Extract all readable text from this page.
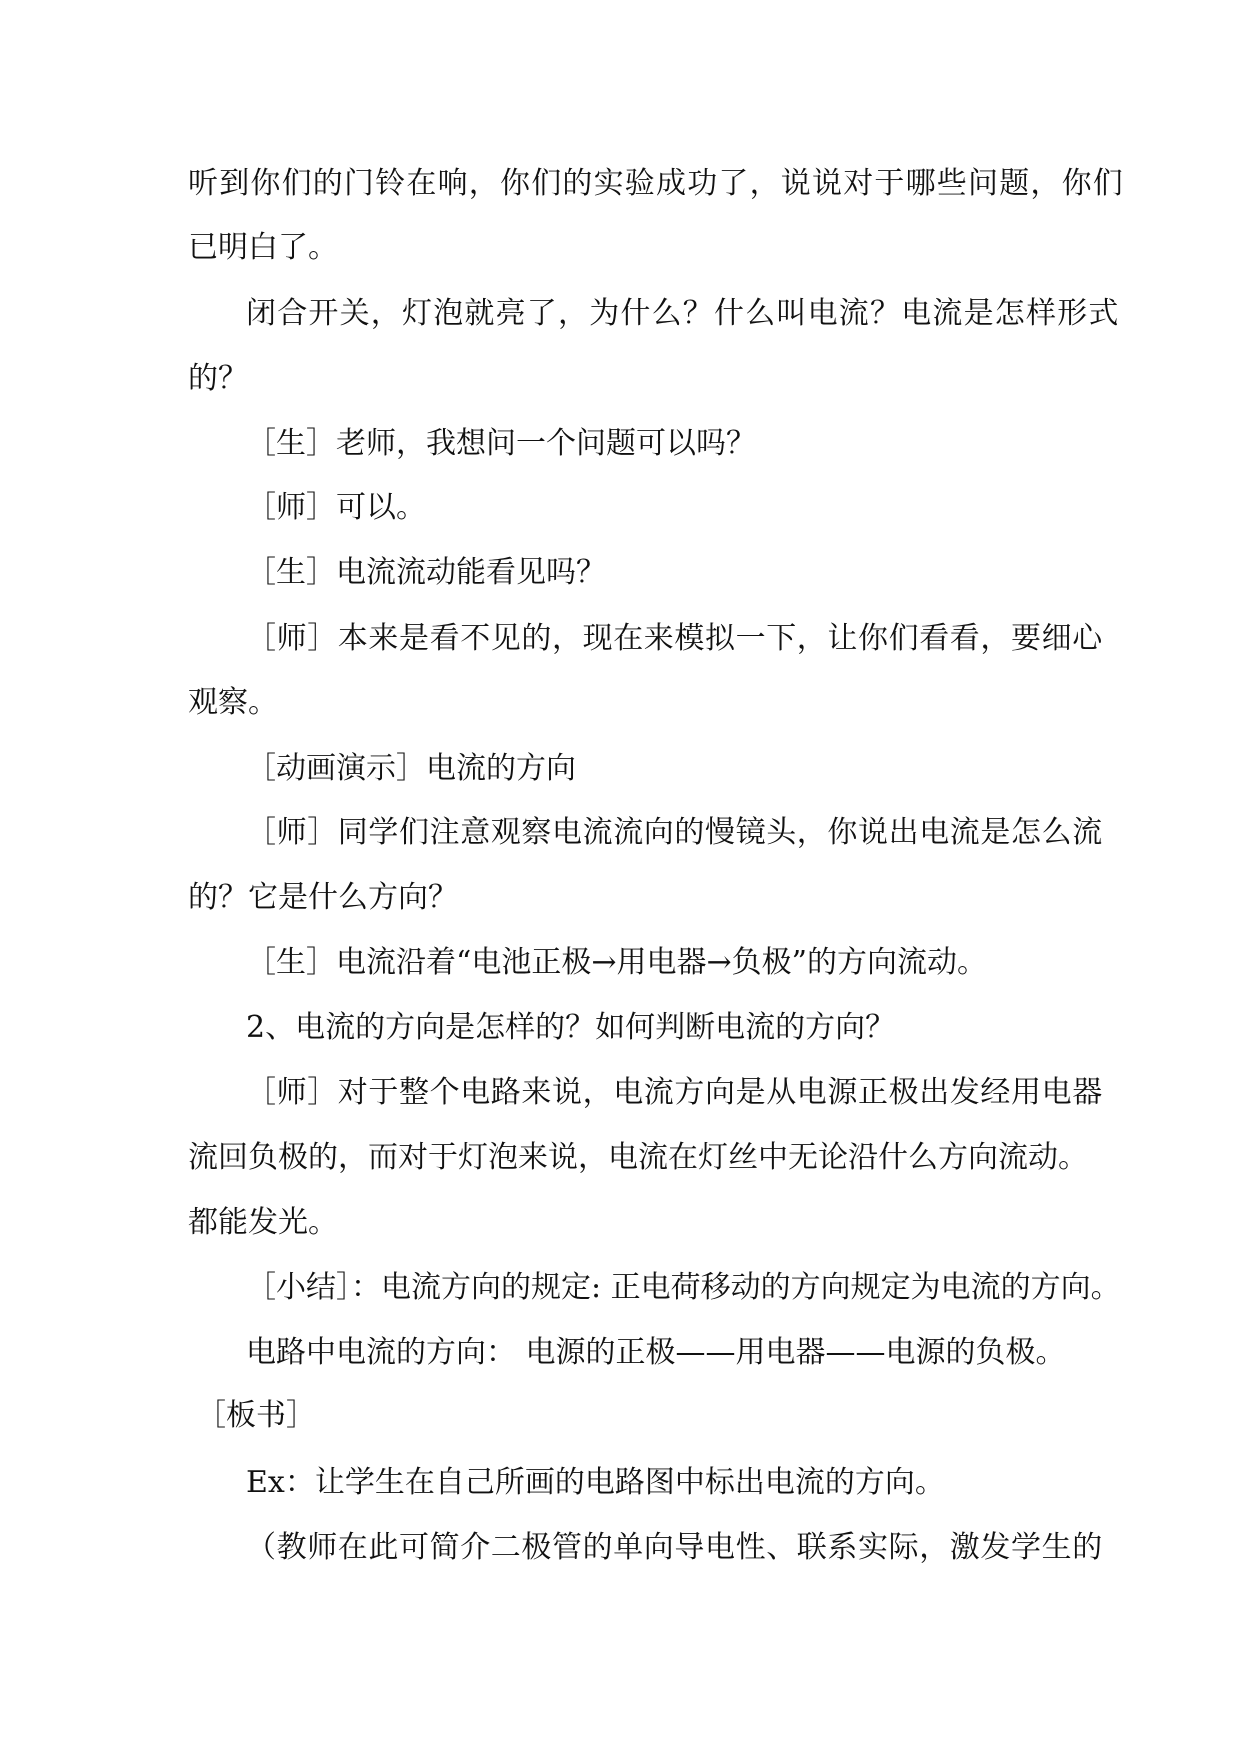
听到你们的门铃在响，你们的实验成功了，说说对于哪些问题，你们
已明白了。
闭合开关，灯泡就亮了，为什么？什么叫电流？电流是怎样形式
的？
［生］老师，我想问一个问题可以吗？
［师］可以。
［生］电流流动能看见吗？
［师］本来是看不见的，现在来模拟一下，让你们看看，要细心
观察。
［动画演示］电流的方向
［师］同学们注意观察电流流向的慢镜头，你说出电流是怎么流
的？它是什么方向？
［生］电流沿着“电池正极→用电器→负极”的方向流动。
2、电流的方向是怎样的？如何判断电流的方向？
［师］对于整个电路来说，电流方向是从电源正极出发经用电器
流回负极的，而对于灯泡来说，电流在灯丝中无论沿什么方向流动。
都能发光。
［小结］：电流方向的规定: 正电荷移动的方向规定为电流的方向。
电路中电流的方向： 电源的正极——用电器——电源的负极。
［板书］
Ex：让学生在自己所画的电路图中标出电流的方向。
（教师在此可简介二极管的单向导电性、联系实际，激发学生的
